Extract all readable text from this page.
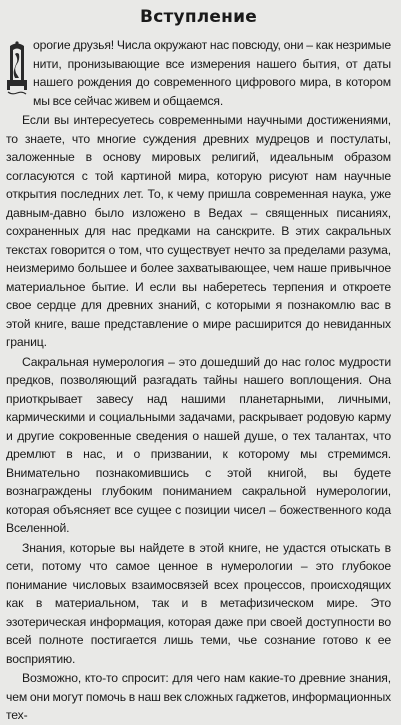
Вступление
орогие друзья! Числа окружают нас повсюду, они – как незримые нити, пронизывающие все измерения нашего бытия, от даты нашего рождения до современного цифрового мира, в котором мы все сейчас живем и общаемся.
Если вы интересуетесь современными научными достижениями, то знаете, что многие суждения древних мудрецов и постулаты, заложенные в основу мировых религий, идеальным образом согласуются с той картиной мира, которую рисуют нам научные открытия последних лет. То, к чему пришла современная наука, уже давным-давно было изложено в Ведах – священных писаниях, сохраненных для нас предками на санскрите. В этих сакральных текстах говорится о том, что существует нечто за пределами разума, неизмеримо большее и более захватывающее, чем наше привычное материальное бытие. И если вы наберетесь терпения и откроете свое сердце для древних знаний, с которыми я познакомлю вас в этой книге, ваше представление о мире расширится до невиданных границ.
Сакральная нумерология – это дошедший до нас голос мудрости предков, позволяющий разгадать тайны нашего воплощения. Она приоткрывает завесу над нашими планетарными, личными, кармическими и социальными задачами, раскрывает родовую карму и другие сокровенные сведения о нашей душе, о тех талантах, что дремлют в нас, и о призвании, к которому мы стремимся. Внимательно познакомившись с этой книгой, вы будете вознаграждены глубоким пониманием сакральной нумерологии, которая объясняет все сущее с позиции чисел – божественного кода Вселенной.
Знания, которые вы найдете в этой книге, не удастся отыскать в сети, потому что самое ценное в нумерологии – это глубокое понимание числовых взаимосвязей всех процессов, происходящих как в материальном, так и в метафизическом мире. Это эзотерическая информация, которая даже при своей доступности во всей полноте постигается лишь теми, чье сознание готово к ее восприятию.
Возможно, кто-то спросит: для чего нам какие-то древние знания, чем они могут помочь в наш век сложных гаджетов, информационных тех-
